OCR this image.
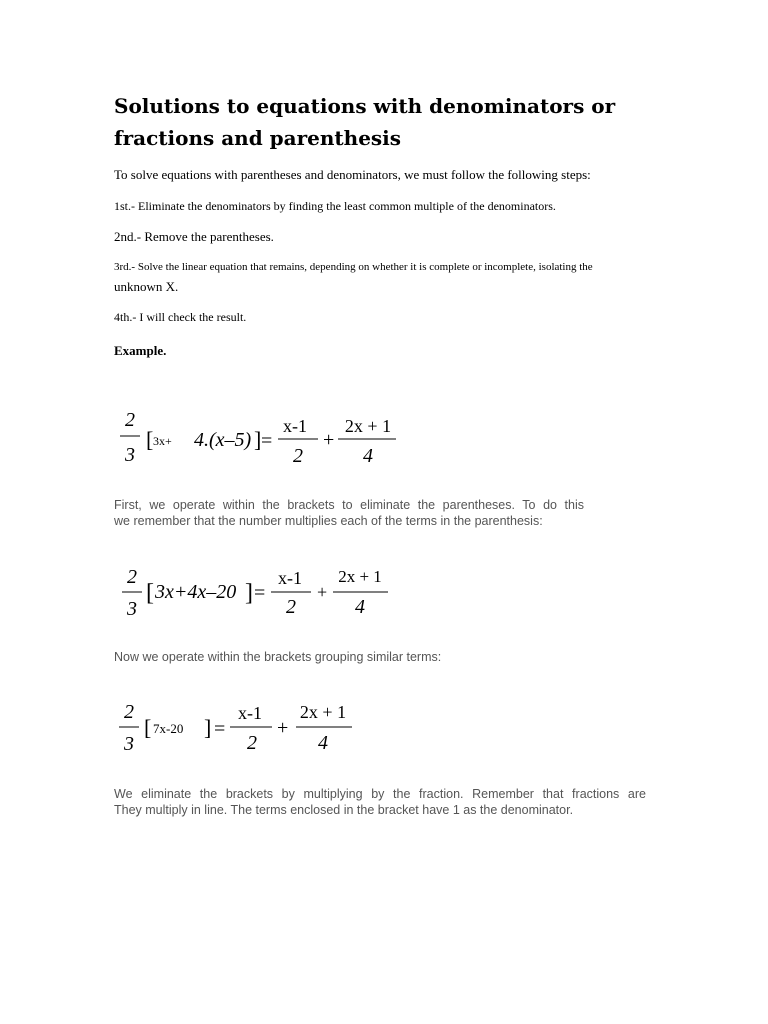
Solutions to equations with denominators or fractions and parenthesis

To solve equations with parentheses and denominators, we must follow the following steps:

1st.- Eliminate the denominators by finding the least common multiple of the denominators.

2nd.- Remove the parentheses.

3rd.- Solve the linear equation that remains, depending on whether it is complete or incomplete, isolating the

unknown X.

4th.- I will check the result.

Example.

2
3
[ 3x+ 4.(x–5) ] =
x-1
2
+
2x + 1
4

First, we operate within the brackets to eliminate the parentheses. To do this
we remember that the number multiplies each of the terms in the parenthesis:

2
3
[ 3x+4x–20 ] =
x-1
2
+
2x + 1
4

Now we operate within the brackets grouping similar terms:

2
3
[ 7x-20 ] =
x-1
2
+
2x + 1
4

We eliminate the brackets by multiplying by the fraction. Remember that fractions are
They multiply in line. The terms enclosed in the bracket have 1 as the denominator.
